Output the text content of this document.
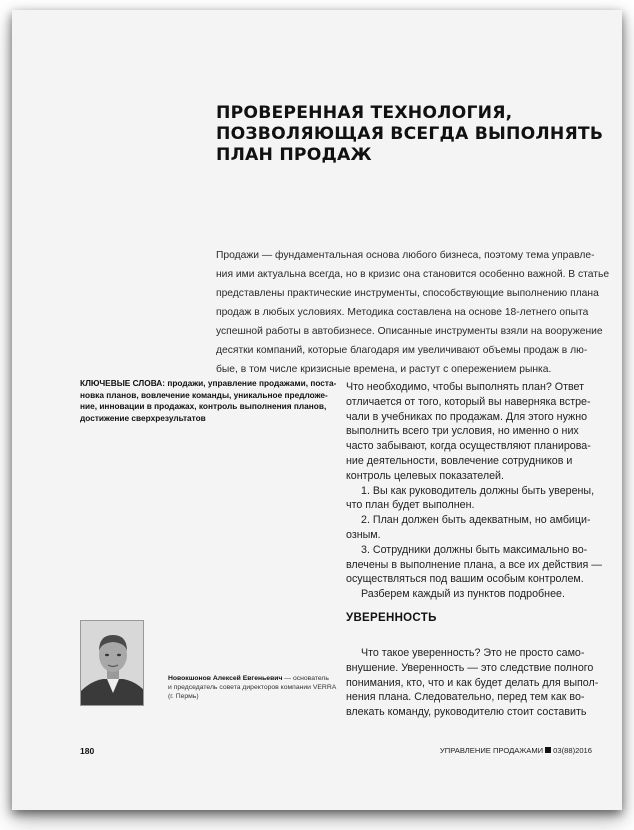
ПРОВЕРЕННАЯ ТЕХНОЛОГИЯ,
ПОЗВОЛЯЮЩАЯ ВСЕГДА ВЫПОЛНЯТЬ
ПЛАН ПРОДАЖ
Продажи — фундаментальная основа любого бизнеса, поэтому тема управле-
ния ими актуальна всегда, но в кризис она становится особенно важной. В статье
представлены практические инструменты, способствующие выполнению плана
продаж в любых условиях. Методика составлена на основе 18-летнего опыта
успешной работы в автобизнесе. Описанные инструменты взяли на вооружение
десятки компаний, которые благодаря им увеличивают объемы продаж в лю-
бые, в том числе кризисные времена, и растут с опережением рынка.
КЛЮЧЕВЫЕ СЛОВА: продажи, управление продажами, поста-
новка планов, вовлечение команды, уникальное предложе-
ние, инновации в продажах, контроль выполнения планов,
достижение сверхрезультатов
Что необходимо, чтобы выполнять план? Ответ
отличается от того, который вы наверняка встре-
чали в учебниках по продажам. Для этого нужно
выполнить всего три условия, но именно о них
часто забывают, когда осуществляют планирова-
ние деятельности, вовлечение сотрудников и
контроль целевых показателей.
1. Вы как руководитель должны быть уверены,
что план будет выполнен.
2. План должен быть адекватным, но амбици-
озным.
3. Сотрудники должны быть максимально во-
влечены в выполнение плана, а все их действия —
осуществляться под вашим особым контролем.
Разберем каждый из пунктов подробнее.
УВЕРЕННОСТЬ
Что такое уверенность? Это не просто само-
внушение. Уверенность — это следствие полного
понимания, кто, что и как будет делать для выпол-
нения плана. Следовательно, перед тем как во-
влекать команду, руководителю стоит составить
Новокшонов Алексей Евгеньевич — основатель
и председатель совета директоров компании VERRA
(г. Пермь)
180	УПРАВЛЕНИЕ ПРОДАЖАМИ 03(88)2016
